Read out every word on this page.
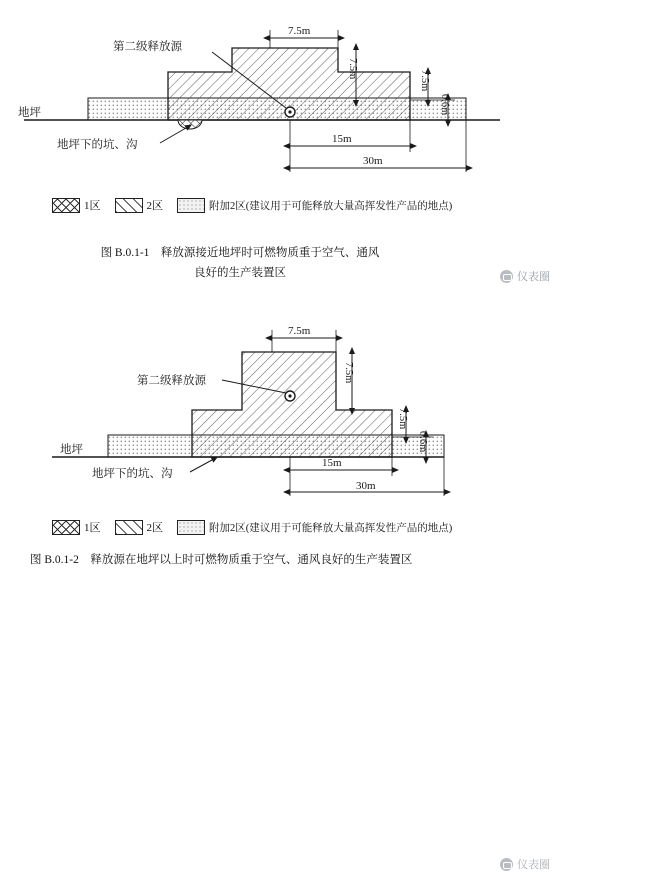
第二级释放源
地坪
地坪下的坑、沟
7.5m
7.5m
7.5m
0.6m
15m
30m
1区	2区	附加2区(建议用于可能释放大量高挥发性产品的地点)
图 B.0.1-1　释放源接近地坪时可燃物质重于空气、通风
良好的生产装置区	仪表圈
第二级释放源
地坪
地坪下的坑、沟
7.5m
7.5m
7.5m
0.6m
15m
30m
1区	2区	附加2区(建议用于可能释放大量高挥发性产品的地点)
图 B.0.1-2　释放源在地坪以上时可燃物质重于空气、通风良好的生产装置区
仪表圈
